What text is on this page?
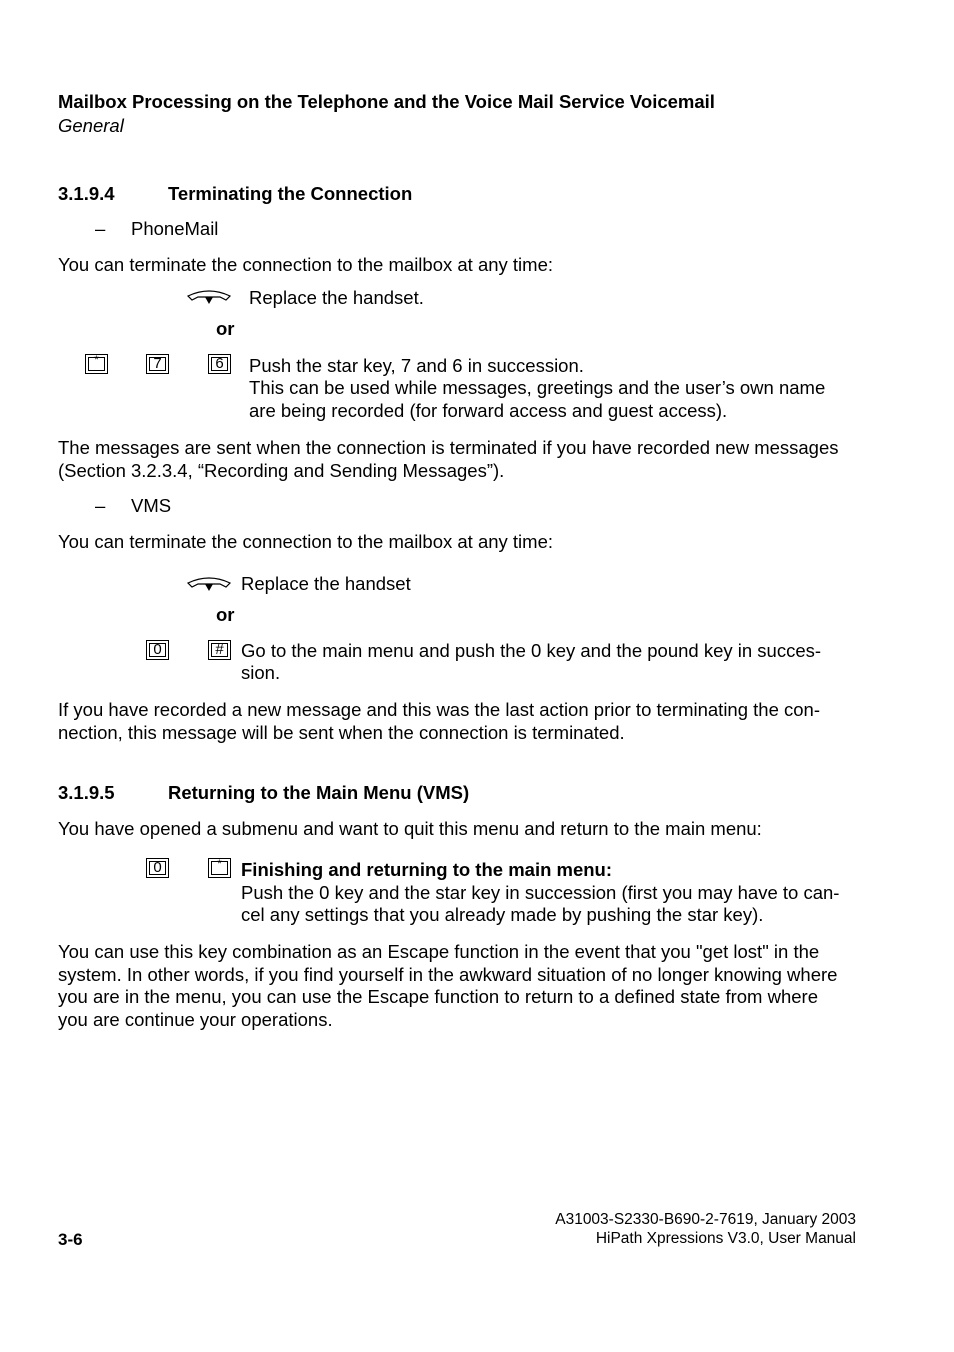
Mailbox Processing on the Telephone and the Voice Mail Service Voicemail
General
3.1.9.4	Terminating the Connection
– PhoneMail
You can terminate the connection to the mailbox at any time:
Replace the handset.
or
*	7	6	Push the star key, 7 and 6 in succession.
This can be used while messages, greetings and the user’s own name
are being recorded (for forward access and guest access).
The messages are sent when the connection is terminated if you have recorded new messages
(Section 3.2.3.4, “Recording and Sending Messages”).
– VMS
You can terminate the connection to the mailbox at any time:
Replace the handset
or
0	# Go to the main menu and push the 0 key and the pound key in succes-
sion.
If you have recorded a new message and this was the last action prior to terminating the con-
nection, this message will be sent when the connection is terminated.
3.1.9.5	Returning to the Main Menu (VMS)
You have opened a submenu and want to quit this menu and return to the main menu:
0	*	Finishing and returning to the main menu:
Push the 0 key and the star key in succession (first you may have to can-
cel any settings that you already made by pushing the star key).
You can use this key combination as an Escape function in the event that you "get lost" in the
system. In other words, if you find yourself in the awkward situation of no longer knowing where
you are in the menu, you can use the Escape function to return to a defined state from where
you are continue your operations.
3-6
A31003-S2330-B690-2-7619, January 2003
HiPath Xpressions V3.0, User Manual
